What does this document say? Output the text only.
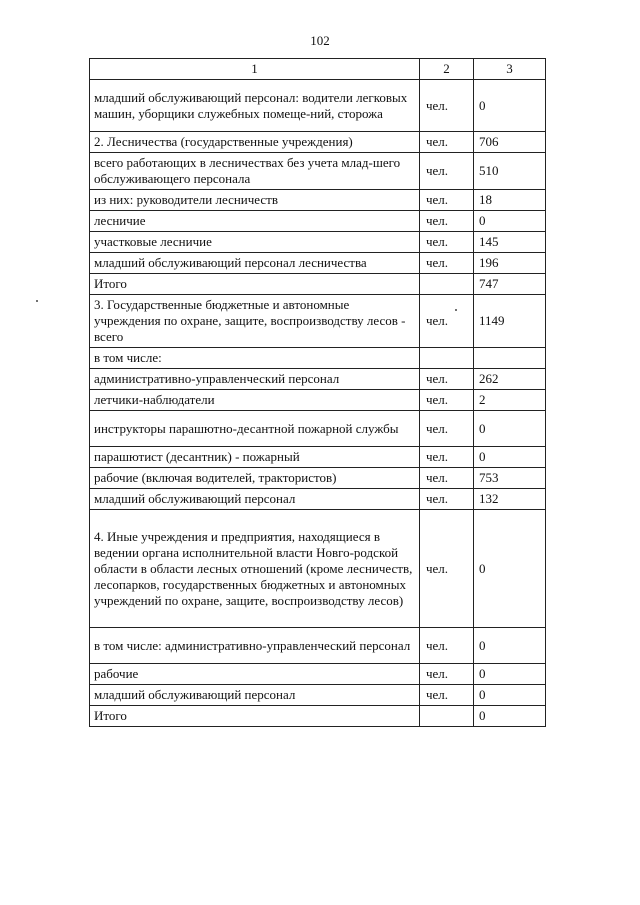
102
1	2	3
младший обслуживающий персонал: водители легковых машин, уборщики служебных помеще-ний, сторожа	чел.	0
2. Лесничества (государственные учреждения)	чел.	706
всего работающих в лесничествах без учета млад-шего обслуживающего персонала	чел.	510
из них: руководители лесничеств	чел.	18
лесничие	чел.	0
участковые лесничие	чел.	145
младший обслуживающий персонал лесничества	чел.	196
Итого		747
3. Государственные бюджетные и автономные учреждения по охране, защите, воспроизводству лесов - всего	чел.	1149
в том числе:		
административно-управленческий персонал	чел.	262
летчики-наблюдатели	чел.	2
инструкторы парашютно-десантной пожарной службы	чел.	0
парашютист (десантник) - пожарный	чел.	0
рабочие (включая водителей, трактористов)	чел.	753
младший обслуживающий персонал	чел.	132
4. Иные учреждения и предприятия, находящиеся в ведении органа исполнительной власти Новго-родской области в области лесных отношений (кроме лесничеств, лесопарков, государственных бюджетных и автономных учреждений по охране, защите, воспроизводству лесов)	чел.	0
в том числе: административно-управленческий персонал	чел.	0
рабочие	чел.	0
младший обслуживающий персонал	чел.	0
Итого		0
